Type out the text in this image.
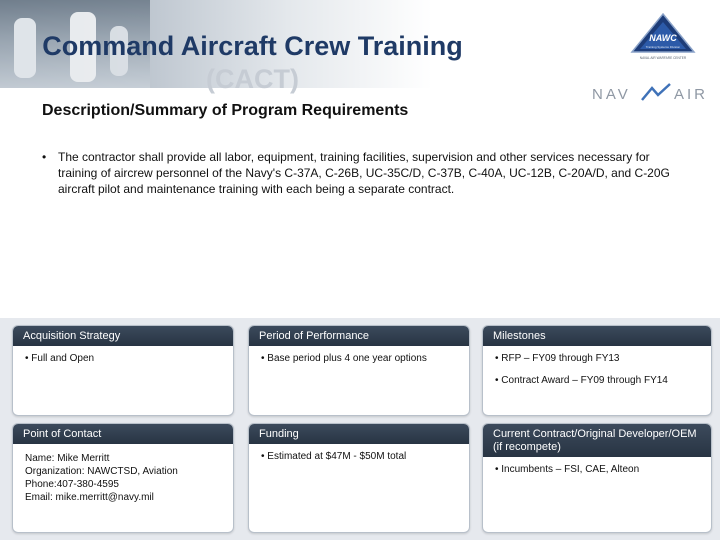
Command Aircraft Crew Training
(CACT)
NAWC
Training Systems Division
NAVAL AIR WARFARE CENTER
NAV	AIR
Description/Summary of Program Requirements
• The contractor shall provide all labor, equipment, training facilities, supervision and other services necessary for training of aircrew personnel of the Navy's C-37A, C-26B, UC-35C/D, C-37B, C-40A, UC-12B, C-20A/D, and C-20G aircraft pilot and maintenance training with each being a separate contract.
Acquisition Strategy

• Full and Open

Period of Performance

• Base period plus 4 one year options

Milestones

• RFP – FY09 through FY13

• Contract Award – FY09 through FY14

Point of Contact
Name: Mike Merritt
Organization: NAWCTSD, Aviation
Phone:407-380-4595
Email: mike.merritt@navy.mil
Funding

• Estimated at $47M - $50M total

Current Contract/Original Developer/OEM (if recompete)

• Incumbents – FSI, CAE, Alteon
